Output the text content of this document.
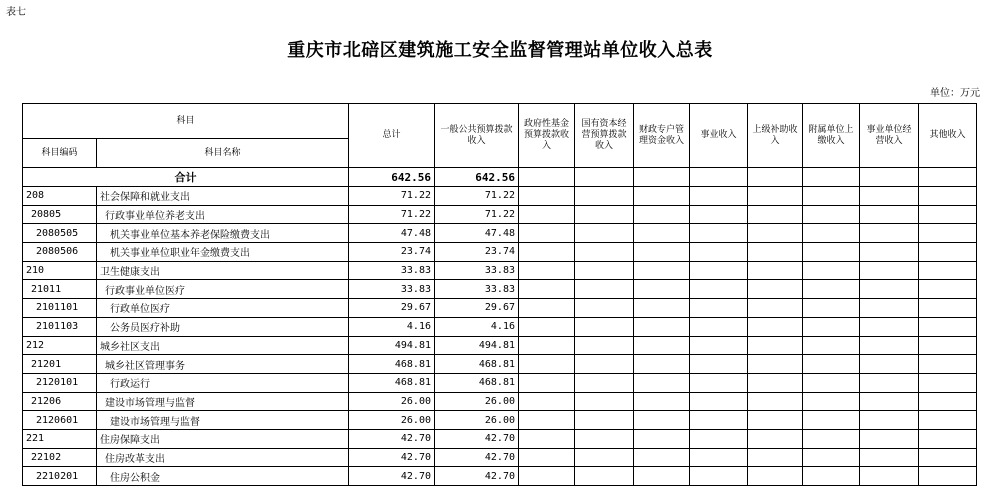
表七
重庆市北碚区建筑施工安全监督管理站单位收入总表
单位：万元
科目		总计	一般公共预算拨款收入	政府性基金预算拨款收入	国有资本经营预算拨款收入	财政专户管理资金收入	事业收入	上级补助收入	附属单位上缴收入	事业单位经营收入	其他收入
科目编码	科目名称										
合计		642.56	642.56								
208	社会保障和就业支出	71.22	71.22								
20805	行政事业单位养老支出	71.22	71.22								
2080505	机关事业单位基本养老保险缴费支出	47.48	47.48								
2080506	机关事业单位职业年金缴费支出	23.74	23.74								
210	卫生健康支出	33.83	33.83								
21011	行政事业单位医疗	33.83	33.83								
2101101	行政单位医疗	29.67	29.67								
2101103	公务员医疗补助	4.16	4.16								
212	城乡社区支出	494.81	494.81								
21201	城乡社区管理事务	468.81	468.81								
2120101	行政运行	468.81	468.81								
21206	建设市场管理与监督	26.00	26.00								
2120601	建设市场管理与监督	26.00	26.00								
221	住房保障支出	42.70	42.70								
22102	住房改革支出	42.70	42.70								
2210201	住房公积金	42.70	42.70								
